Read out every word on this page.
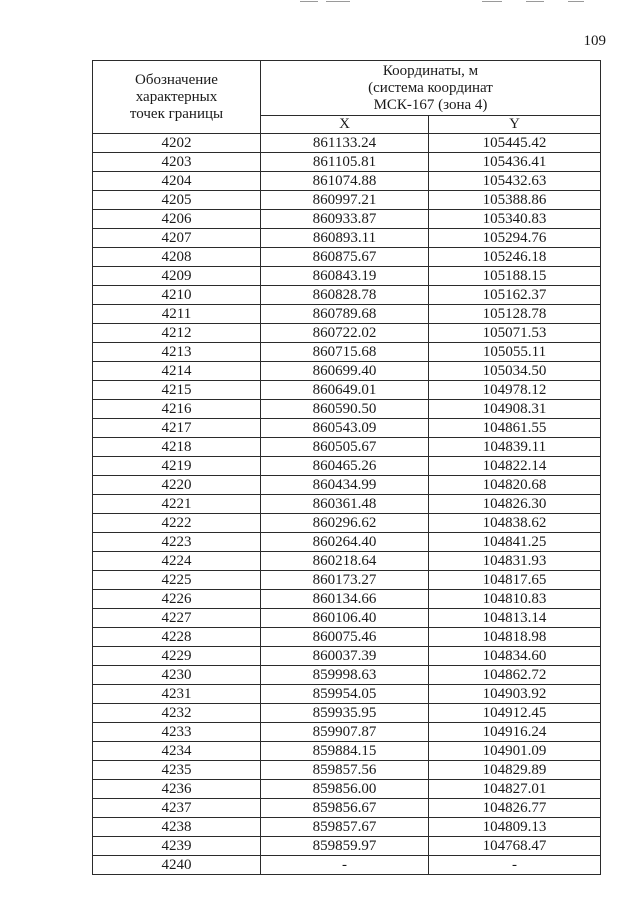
109
Обозначение
характерных
точек границы	Координаты, м
(система координат
МСК-167 (зона 4)	

	X	Y
4202	861133.24	105445.42
4203	861105.81	105436.41
4204	861074.88	105432.63
4205	860997.21	105388.86
4206	860933.87	105340.83
4207	860893.11	105294.76
4208	860875.67	105246.18
4209	860843.19	105188.15
4210	860828.78	105162.37
4211	860789.68	105128.78
4212	860722.02	105071.53
4213	860715.68	105055.11
4214	860699.40	105034.50
4215	860649.01	104978.12
4216	860590.50	104908.31
4217	860543.09	104861.55
4218	860505.67	104839.11
4219	860465.26	104822.14
4220	860434.99	104820.68
4221	860361.48	104826.30
4222	860296.62	104838.62
4223	860264.40	104841.25
4224	860218.64	104831.93
4225	860173.27	104817.65
4226	860134.66	104810.83
4227	860106.40	104813.14
4228	860075.46	104818.98
4229	860037.39	104834.60
4230	859998.63	104862.72
4231	859954.05	104903.92
4232	859935.95	104912.45
4233	859907.87	104916.24
4234	859884.15	104901.09
4235	859857.56	104829.89
4236	859856.00	104827.01
4237	859856.67	104826.77
4238	859857.67	104809.13
4239	859859.97	104768.47
4240	-	-
